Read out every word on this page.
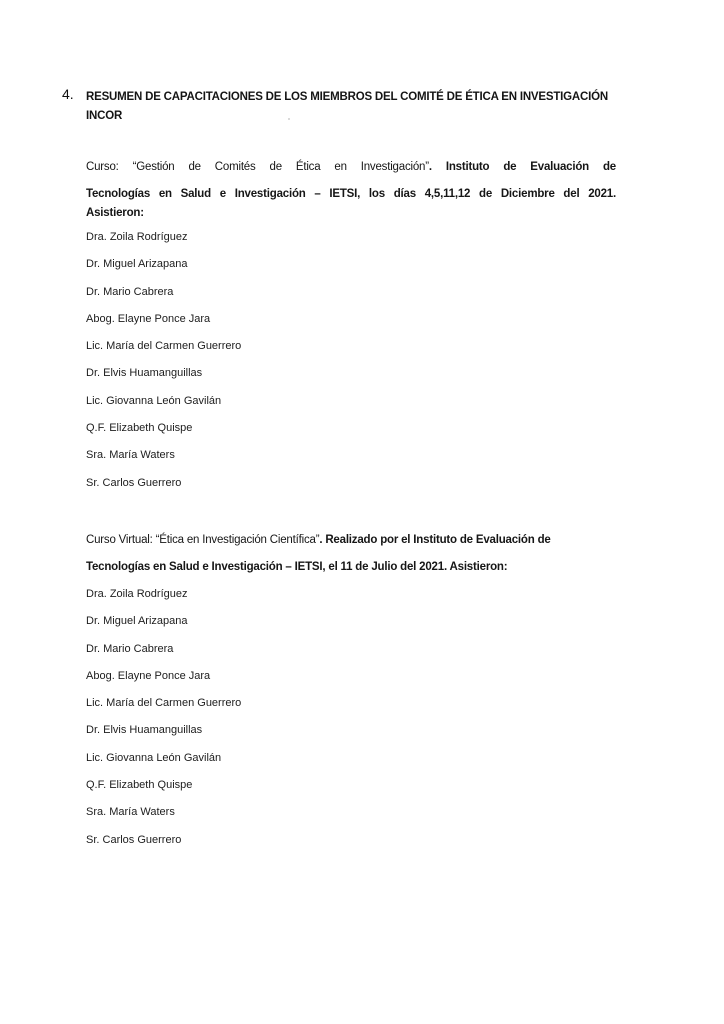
4. RESUMEN DE CAPACITACIONES DE LOS MIEMBROS DEL COMITÉ DE ÉTICA EN INVESTIGACIÓN INCOR
Curso: “Gestión de Comités de Ética en Investigación”. Instituto de Evaluación de
Tecnologías en Salud e Investigación – IETSI, los días 4,5,11,12 de Diciembre del 2021.
Asistieron:
Dra. Zoila Rodríguez
Dr. Miguel Arizapana
Dr. Mario Cabrera
Abog. Elayne Ponce Jara
Lic. María del Carmen Guerrero
Dr. Elvis Huamanguillas
Lic. Giovanna León Gavilán
Q.F. Elizabeth Quispe
Sra. María Waters
Sr. Carlos Guerrero
Curso Virtual: “Ética en Investigación Científica”. Realizado por el Instituto de Evaluación de
Tecnologías en Salud e Investigación – IETSI, el 11 de Julio del 2021. Asistieron:
Dra. Zoila Rodríguez
Dr. Miguel Arizapana
Dr. Mario Cabrera
Abog. Elayne Ponce Jara
Lic. María del Carmen Guerrero
Dr. Elvis Huamanguillas
Lic. Giovanna León Gavilán
Q.F. Elizabeth Quispe
Sra. María Waters
Sr. Carlos Guerrero
